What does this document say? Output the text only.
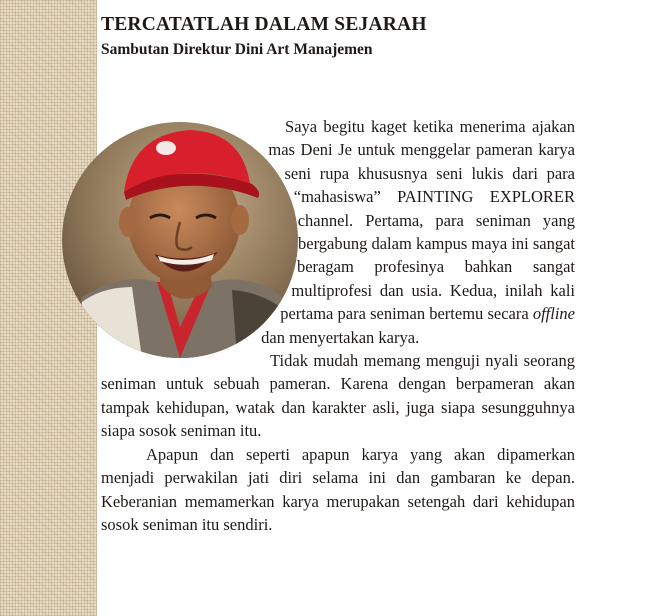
TERCATATLAH DALAM SEJARAH
Sambutan Direktur Dini Art Manajemen

Saya begitu kaget ketika menerima ajakan mas Deni Je untuk menggelar pameran karya seni rupa khususnya seni lukis dari para “mahasiswa” PAINTING EXPLORER channel. Pertama, para seniman yang bergabung dalam kampus maya ini sangat beragam profesinya bahkan sangat multiprofesi dan usia. Kedua, inilah kali pertama para seniman bertemu secara offline dan menyertakan karya.

Tidak mudah memang menguji nyali seorang seniman untuk sebuah pameran. Karena dengan berpameran akan tampak kehidupan, watak dan karakter asli, juga siapa sesungguhnya siapa sosok seniman itu.

Apapun dan seperti apapun karya yang akan dipamerkan menjadi perwakilan jati diri selama ini dan gambaran ke depan. Keberanian memamerkan karya merupakan setengah dari kehidupan sosok seniman itu sendiri.
